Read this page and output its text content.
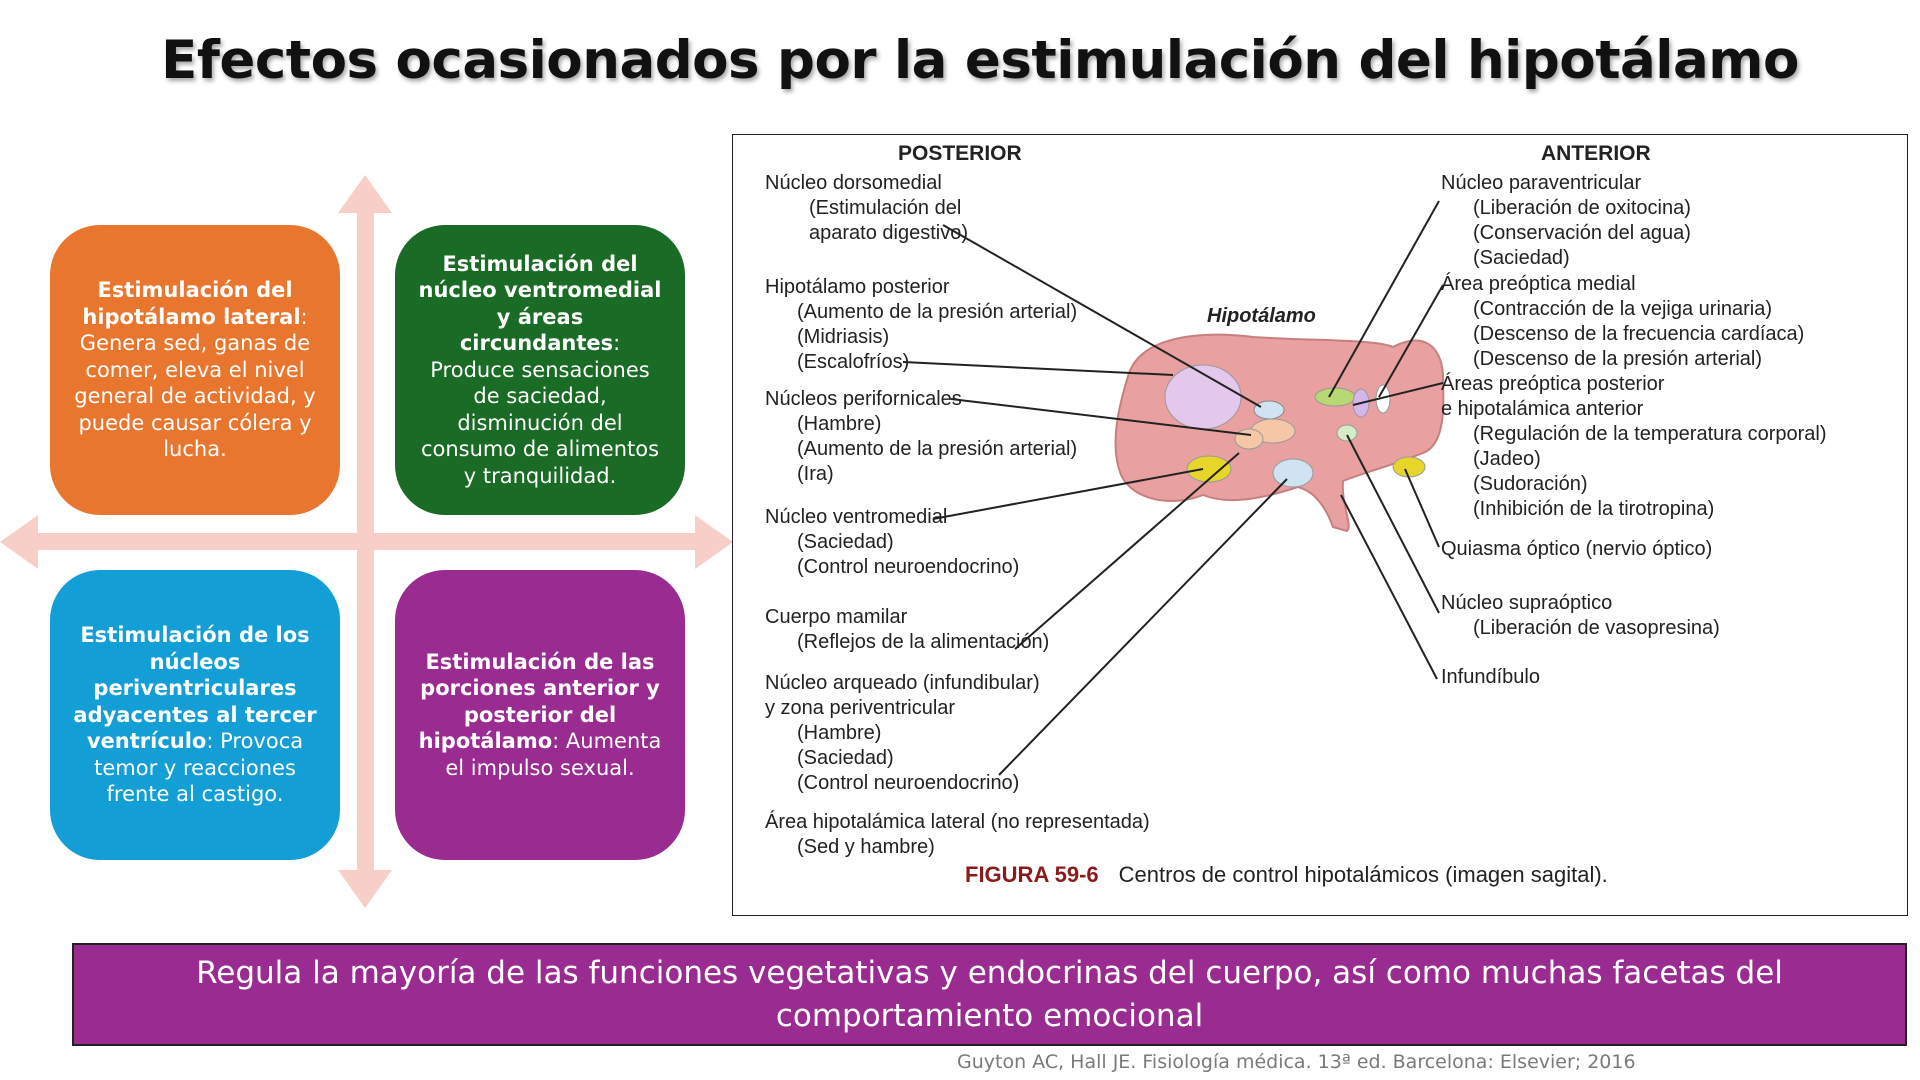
Efectos ocasionados por la estimulación del hipotálamo
Estimulación del hipotálamo lateral: Genera sed, ganas de comer, eleva el nivel general de actividad, y puede causar cólera y lucha.
Estimulación del núcleo ventromedial y áreas circundantes: Produce sensaciones de saciedad, disminución del consumo de alimentos y tranquilidad.
Estimulación de los núcleos periventriculares adyacentes al tercer ventrículo: Provoca temor y reacciones frente al castigo.
Estimulación de las porciones anterior y posterior del hipotálamo: Aumenta el impulso sexual.
POSTERIOR	ANTERIOR
Hipotálamo
Núcleo dorsomedial
(Estimulación del
aparato digestivo)
Hipotálamo posterior
(Aumento de la presión arterial)
(Midriasis)
(Escalofríos)
Núcleos perifornicales
(Hambre)
(Aumento de la presión arterial)
(Ira)
Núcleo ventromedial
(Saciedad)
(Control neuroendocrino)
Cuerpo mamilar
(Reflejos de la alimentación)
Núcleo arqueado (infundibular)
y zona periventricular
(Hambre)
(Saciedad)
(Control neuroendocrino)
Área hipotalámica lateral (no representada)
(Sed y hambre)
Núcleo paraventricular
(Liberación de oxitocina)
(Conservación del agua)
(Saciedad)
Área preóptica medial
(Contracción de la vejiga urinaria)
(Descenso de la frecuencia cardíaca)
(Descenso de la presión arterial)
Áreas preóptica posterior
e hipotalámica anterior
(Regulación de la temperatura corporal)
(Jadeo)
(Sudoración)
(Inhibición de la tirotropina)
Quiasma óptico (nervio óptico)
Núcleo supraóptico
(Liberación de vasopresina)
Infundíbulo
FIGURA 59-6 Centros de control hipotalámicos (imagen sagital).
Regula la mayoría de las funciones vegetativas y endocrinas del cuerpo, así como muchas facetas del comportamiento emocional
Guyton AC, Hall JE. Fisiología médica. 13ª ed. Barcelona: Elsevier; 2016
